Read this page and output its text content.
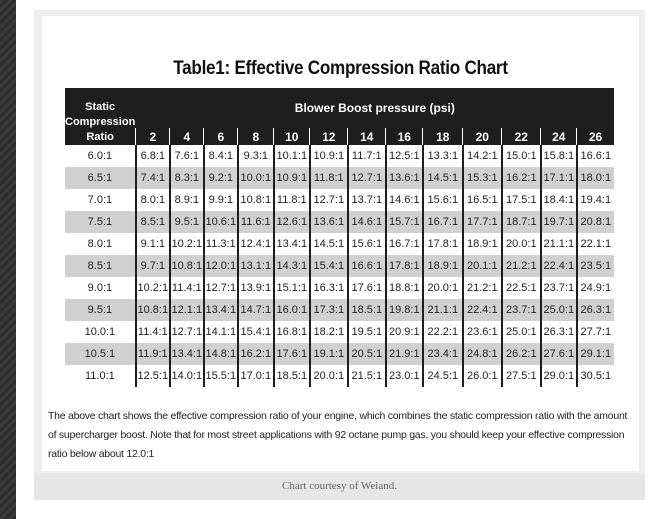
Table1: Effective Compression Ratio Chart
Static
Compression
Ratio	Blower Boost pressure (psi)												
	2	4	6	8	10	12	14	16	18	20	22	24	26
6.0:1	6.8:1	7.6:1	8.4:1	9.3:1	10.1:1	10.9:1	11.7:1	12.5:1	13.3:1	14.2:1	15.0:1	15.8:1	16.6:1
6.5:1	7.4:1	8.3:1	9.2:1	10.0:1	10.9:1	11.8:1	12.7:1	13.6:1	14.5:1	15.3:1	16.2:1	17.1:1	18.0:1
7.0:1	8.0:1	8.9:1	9.9:1	10.8:1	11.8:1	12.7:1	13.7:1	14.6:1	15.6:1	16.5:1	17.5:1	18.4:1	19.4:1
7.5:1	8.5:1	9.5:1	10.6:1	11.6:1	12.6:1	13.6:1	14.6:1	15.7:1	16.7:1	17.7:1	18.7:1	19.7:1	20.8:1
8.0:1	9.1:1	10.2:1	11.3:1	12.4:1	13.4:1	14.5:1	15.6:1	16.7:1	17.8:1	18.9:1	20.0:1	21.1:1	22.1:1
8.5:1	9.7:1	10.8:1	12.0:1	13.1:1	14.3:1	15.4:1	16.6:1	17.8:1	18.9:1	20.1:1	21.2:1	22.4:1	23.5:1
9.0:1	10.2:1	11.4:1	12.7:1	13.9:1	15.1:1	16.3:1	17.6:1	18.8:1	20.0:1	21.2:1	22.5:1	23.7:1	24.9:1
9.5:1	10.8:1	12.1:1	13.4:1	14.7:1	16.0:1	17.3:1	18.5:1	19.8:1	21.1:1	22.4:1	23.7:1	25.0:1	26.3:1
10.0:1	11.4:1	12.7:1	14.1:1	15.4:1	16.8:1	18.2:1	19.5:1	20.9:1	22.2:1	23.6:1	25.0:1	26.3:1	27.7:1
10.5:1	11.9:1	13.4:1	14.8:1	16.2:1	17.6:1	19.1:1	20.5:1	21.9:1	23.4:1	24.8:1	26.2:1	27.6:1	29.1:1
11.0:1	12.5:1	14.0:1	15.5:1	17.0:1	18.5:1	20.0:1	21.5:1	23.0:1	24.5:1	26.0:1	27.5:1	29.0:1	30.5:1
The above chart shows the effective compression ratio of your engine, which combines the static compression ratio with the amount of supercharger boost. Note that for most street applications with 92 octane pump gas, you should keep your effective compression ratio below about 12.0:1
Chart courtesy of Weiand.
